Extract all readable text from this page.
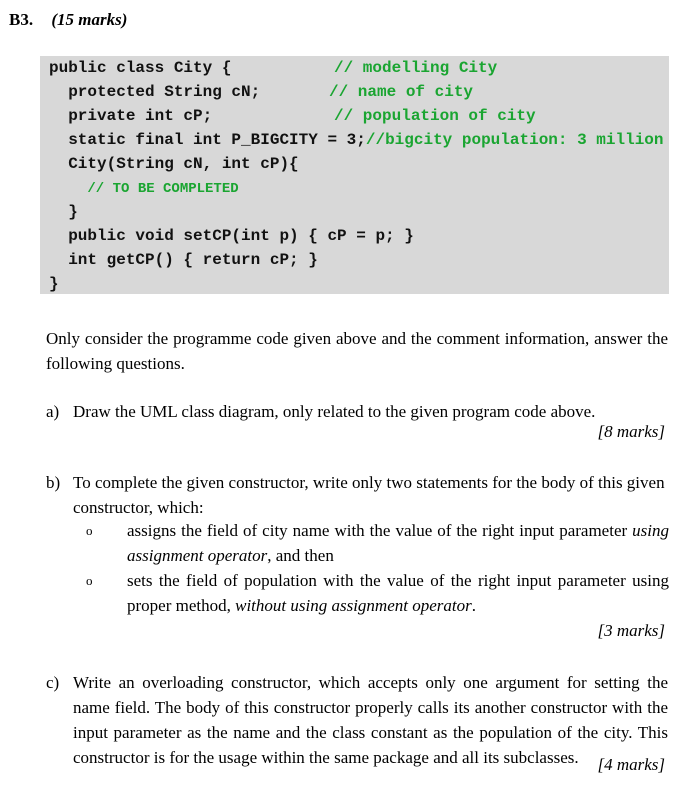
B3. (15 marks)
public class City {	// modelling City
protected String cN;	// name of city
private int cP;	// population of city
static final int P_BIGCITY = 3;//bigcity population: 3 million
City(String cN, int cP){
// TO BE COMPLETED
}
public void setCP(int p) { cP = p; }
int getCP() { return cP; }
}
Only consider the programme code given above and the comment information, answer the following questions.
a) Draw the UML class diagram, only related to the given program code above.
[8 marks]
b) To complete the given constructor, write only two statements for the body of this given constructor, which:
o assigns the field of city name with the value of the right input parameter using assignment operator, and then
o sets the field of population with the value of the right input parameter using proper method, without using assignment operator.
[3 marks]
c) Write an overloading constructor, which accepts only one argument for setting the name field. The body of this constructor properly calls its another constructor with the input parameter as the name and the class constant as the population of the city. This constructor is for the usage within the same package and all its subclasses.	[4 marks]
